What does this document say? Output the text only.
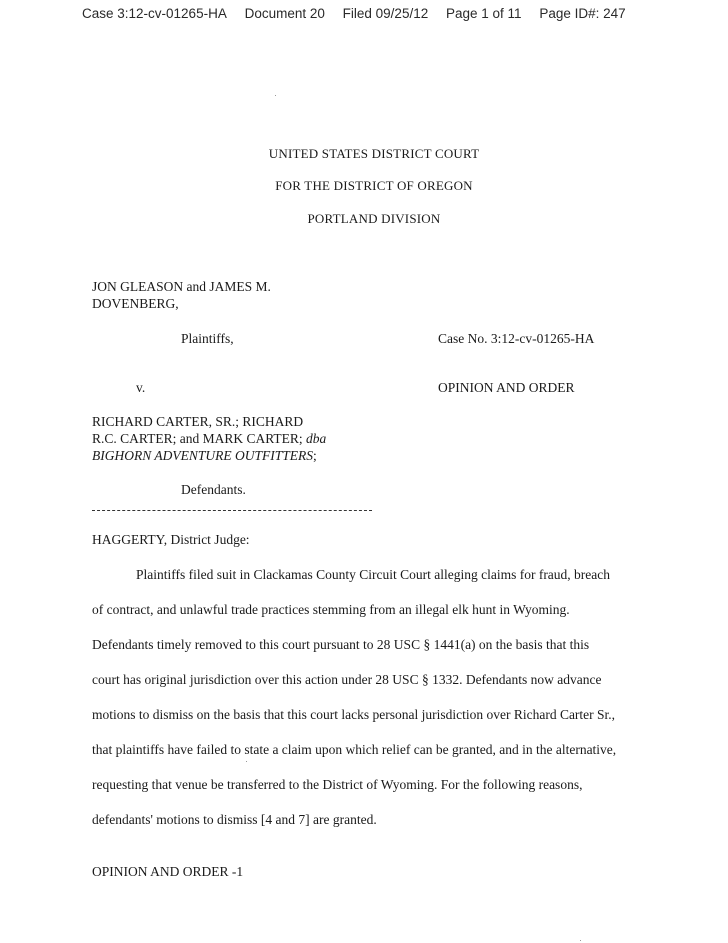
Case 3:12-cv-01265-HA Document 20 Filed 09/25/12 Page 1 of 11 Page ID#: 247
UNITED STATES DISTRICT COURT
FOR THE DISTRICT OF OREGON
PORTLAND DIVISION
JON GLEASON and JAMES M.
DOVENBERG,
Plaintiffs,	Case No. 3:12-cv-01265-HA
v.	OPINION AND ORDER
RICHARD CARTER, SR.; RICHARD
R.C. CARTER; and MARK CARTER; dba
BIGHORN ADVENTURE OUTFITTERS;
Defendants.
HAGGERTY, District Judge:
Plaintiffs filed suit in Clackamas County Circuit Court alleging claims for fraud, breach
of contract, and unlawful trade practices stemming from an illegal elk hunt in Wyoming.
Defendants timely removed to this court pursuant to 28 USC § 1441(a) on the basis that this
court has original jurisdiction over this action under 28 USC § 1332. Defendants now advance
motions to dismiss on the basis that this court lacks personal jurisdiction over Richard Carter Sr.,
that plaintiffs have failed to state a claim upon which relief can be granted, and in the alternative,
requesting that venue be transferred to the District of Wyoming. For the following reasons,
defendants' motions to dismiss [4 and 7] are granted.
OPINION AND ORDER -1
